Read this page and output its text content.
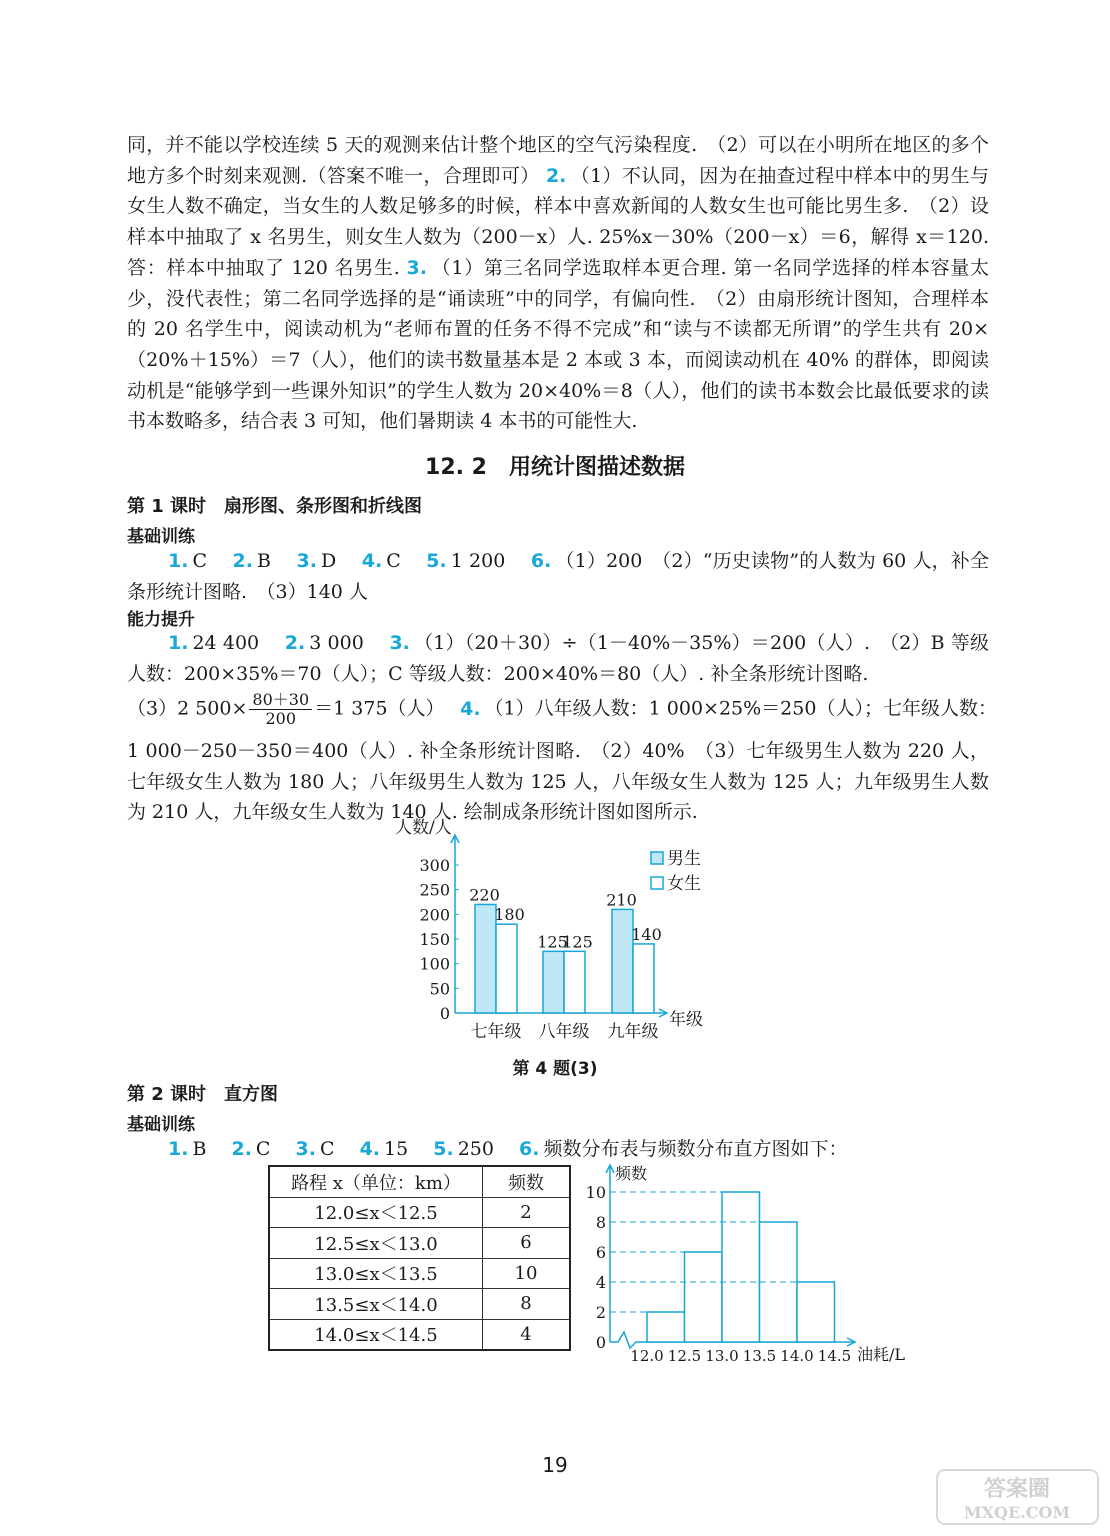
同，并不能以学校连续 5 天的观测来估计整个地区的空气污染程度.　（2）可以在小明所在地区的多个地方多个时刻来观测.（答案不唯一，合理即可） 2. （1）不认同，因为在抽查过程中样本中的男生与女生人数不确定，当女生的人数足够多的时候，样本中喜欢新闻的人数女生也可能比男生多.　（2）设样本中抽取了 x 名男生，则女生人数为（200－x）人. 25%x－30%（200－x）＝6，解得 x＝120. 答：样本中抽取了 120 名男生. 3. （1）第三名同学选取样本更合理. 第一名同学选择的样本容量太少，没代表性；第二名同学选择的是“诵读班”中的同学，有偏向性.　（2）由扇形统计图知，合理样本的 20 名学生中，阅读动机为“老师布置的任务不得不完成”和“读与不读都无所谓”的学生共有 20×（20%＋15%）＝7（人），他们的读书数量基本是 2 本或 3 本，而阅读动机在 40% 的群体，即阅读动机是“能够学到一些课外知识”的学生人数为 20×40%＝8（人），他们的读书本数会比最低要求的读书本数略多，结合表 3 可知，他们暑期读 4 本书的可能性大.
12. 2　用统计图描述数据
第 1 课时　扇形图、条形图和折线图
基础训练
1. C　 2. B　 3. D　 4. C　 5. 1 200　 6. （1）200　（2）“历史读物”的人数为 60 人，补全条形统计图略.　（3）140 人
能力提升
1. 24 400　 2. 3 000　 3. （1）（20＋30）÷（1－40%－35%）＝200（人）.　（2）B 等级人数：200×35%＝70（人）；C 等级人数：200×40%＝80（人）. 补全条形统计图略.
（3）2 $500\times \frac{80+30}{200} =1$ 375（人）　 4. （1）八年级人数：1 000×25%＝250（人）；七年级人数：
1 000－250－350＝400（人）. 补全条形统计图略.　（2）40%　（3）七年级男生人数为 220 人，七年级女生人数为 180 人；八年级男生人数为 125 人，八年级女生人数为 125 人；九年级男生人数为 210 人，九年级女生人数为 140 人. 绘制成条形统计图如图所示.
人数/人
年级
0
50
100
150
200
250
300
220
180
七年级
125
125
八年级
210
140
九年级
男生
女生
第 4 题(3)
第 2 课时　直方图
基础训练
1. B　 2. C　 3. C　 4. 15　 5. 250　 6. 频数分布表与频数分布直方图如下：
路程 x（单位：km）	频数
12.0≤x＜12.5	2
12.5≤x＜13.0	6
13.0≤x＜13.5	10
13.5≤x＜14.0	8
14.0≤x＜14.5	4
频数
油耗/L
0
2
4
6
8
10
12.0 12.5 13.0 13.5 14.0 14.5
19
答案圈
MXQE.COM
